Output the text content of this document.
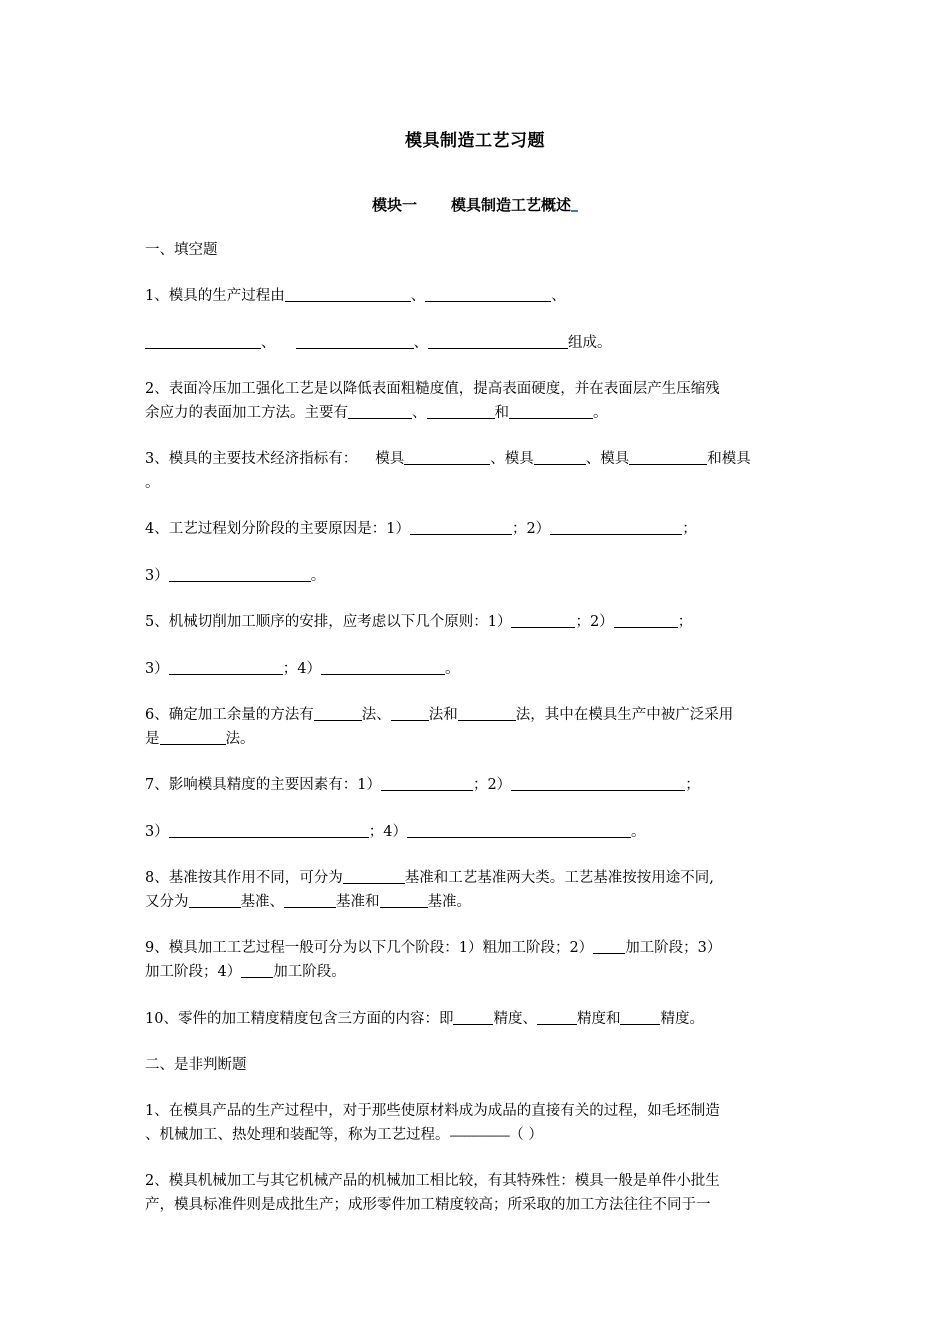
模具制造工艺习题
模块一 模具制造工艺概述
一、填空题
1、模具的生产过程由	、	、
、	、	组成。
2、表面冷压加工强化工艺是以降低表面粗糙度值，提高表面硬度，并在表面层产生压缩残
余应力的表面加工方法。主要有	、	和	。
3、模具的主要技术经济指标有： 模具	、模具	、模具	和模具
。
4、工艺过程划分阶段的主要原因是：1）	；2）	；
3）	。
5、机械切削加工顺序的安排，应考虑以下几个原则：1）	；2）	；
3）	；4）	。
6、确定加工余量的方法有	法、	法和	法，其中在模具生产中被广泛采用
是	法。
7、影响模具精度的主要因素有：1）	；2）	；
3）	；4）	。
8、基准按其作用不同，可分为	基准和工艺基准两大类。工艺基准按按用途不同,
又分为	基准、	基准和	基准。
9、模具加工工艺过程一般可分为以下几个阶段：1）粗加工阶段；2） 加工阶段；3）
加工阶段；4） 加工阶段。
10、零件的加工精度精度包含三方面的内容：即	精度、	精度和	精度。
二、是非判断题
1、在模具产品的生产过程中，对于那些使原材料成为成品的直接有关的过程，如毛坯制造
、机械加工、热处理和装配等，称为工艺过程。----------------------（ ）
2、模具机械加工与其它机械产品的机械加工相比较，有其特殊性：模具一般是单件小批生
产，模具标准件则是成批生产；成形零件加工精度较高；所采取的加工方法往往不同于一
